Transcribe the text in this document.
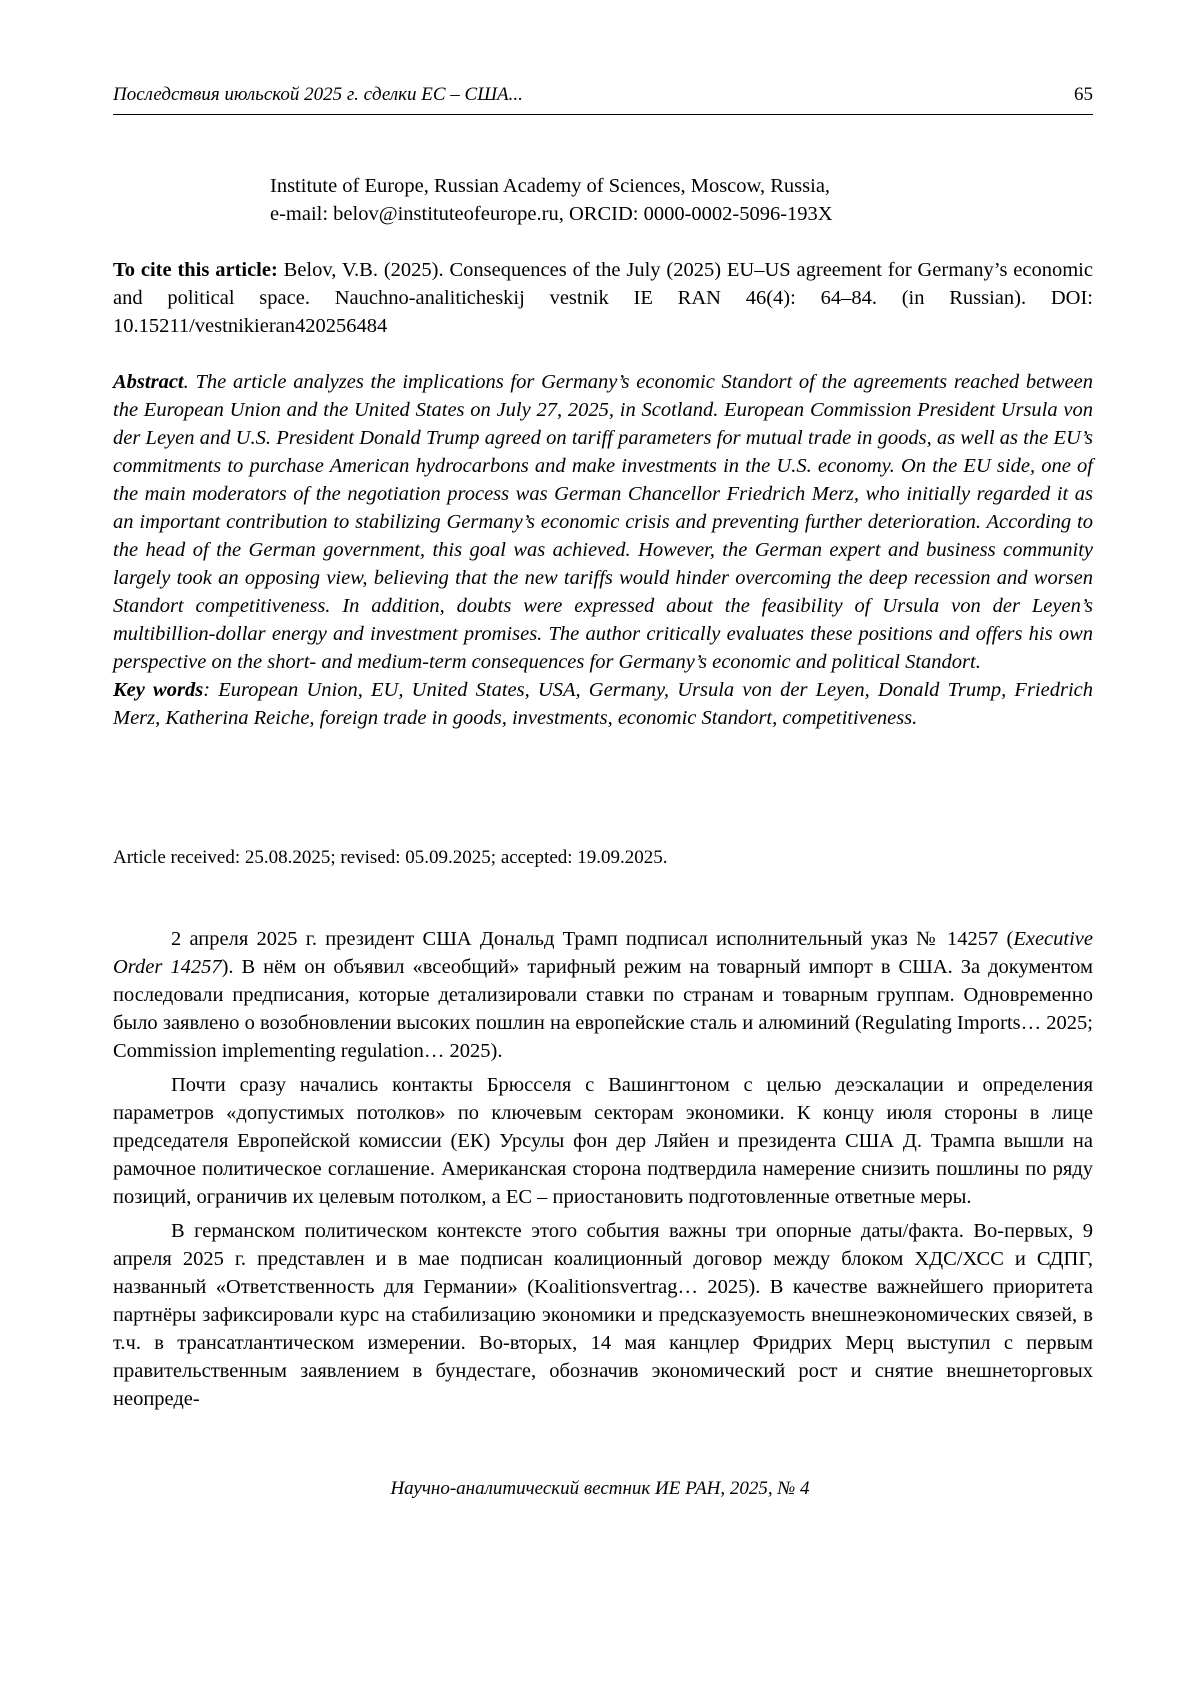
Последствия июльской 2025 г. сделки ЕС – США...	65
Institute of Europe, Russian Academy of Sciences, Moscow, Russia,
e-mail: belov@instituteofeurope.ru, ORCID: 0000-0002-5096-193X

To cite this article: Belov, V.B. (2025). Consequences of the July (2025) EU–US agreement for Germany’s economic and political space. Nauchno-analiticheskij vestnik IE RAN 46(4): 64–84. (in Russian). DOI: 10.15211/vestnikieran420256484

Abstract. The article analyzes the implications for Germany’s economic Standort of the agreements reached between the European Union and the United States on July 27, 2025, in Scotland. European Commission President Ursula von der Leyen and U.S. President Donald Trump agreed on tariff parameters for mutual trade in goods, as well as the EU’s commitments to purchase American hydrocarbons and make investments in the U.S. economy. On the EU side, one of the main moderators of the negotiation process was German Chancellor Friedrich Merz, who initially regarded it as an important contribution to stabilizing Germany’s economic crisis and preventing further deterioration. According to the head of the German government, this goal was achieved. However, the German expert and business community largely took an opposing view, believing that the new tariffs would hinder overcoming the deep recession and worsen Standort competitiveness. In addition, doubts were expressed about the feasibility of Ursula von der Leyen’s multibillion-dollar energy and investment promises. The author critically evaluates these positions and offers his own perspective on the short- and medium-term consequences for Germany’s economic and political Standort.

Key words: European Union, EU, United States, USA, Germany, Ursula von der Leyen, Donald Trump, Friedrich Merz, Katherina Reiche, foreign trade in goods, investments, economic Standort, competitiveness.

Article received: 25.08.2025; revised: 05.09.2025; accepted: 19.09.2025.

2 апреля 2025 г. президент США Дональд Трамп подписал исполнительный указ № 14257 (Executive Order 14257). В нём он объявил «всеобщий» тарифный режим на товарный импорт в США. За документом последовали предписания, которые детализировали ставки по странам и товарным группам. Одновременно было заявлено о возобновлении высоких пошлин на европейские сталь и алюминий (Regulating Imports… 2025; Commission implementing regulation… 2025).

Почти сразу начались контакты Брюсселя с Вашингтоном с целью деэскалации и определения параметров «допустимых потолков» по ключевым секторам экономики. К концу июля стороны в лице председателя Европейской комиссии (ЕК) Урсулы фон дер Ляйен и президента США Д. Трампа вышли на рамочное политическое соглашение. Американская сторона подтвердила намерение снизить пошлины по ряду позиций, ограничив их целевым потолком, а ЕС – приостановить подготовленные ответные меры.

В германском политическом контексте этого события важны три опорные даты/факта. Во-первых, 9 апреля 2025 г. представлен и в мае подписан коалиционный договор между блоком ХДС/ХСС и СДПГ, названный «Ответственность для Германии» (Koalitionsvertrag… 2025). В качестве важнейшего приоритета партнёры зафиксировали курс на стабилизацию экономики и предсказуемость внешнеэкономических связей, в т.ч. в трансатлантическом измерении. Во-вторых, 14 мая канцлер Фридрих Мерц выступил с первым правительственным заявлением в бундестаге, обозначив экономический рост и снятие внешнеторговых неопреде-

Научно-аналитический вестник ИЕ РАН, 2025, № 4
